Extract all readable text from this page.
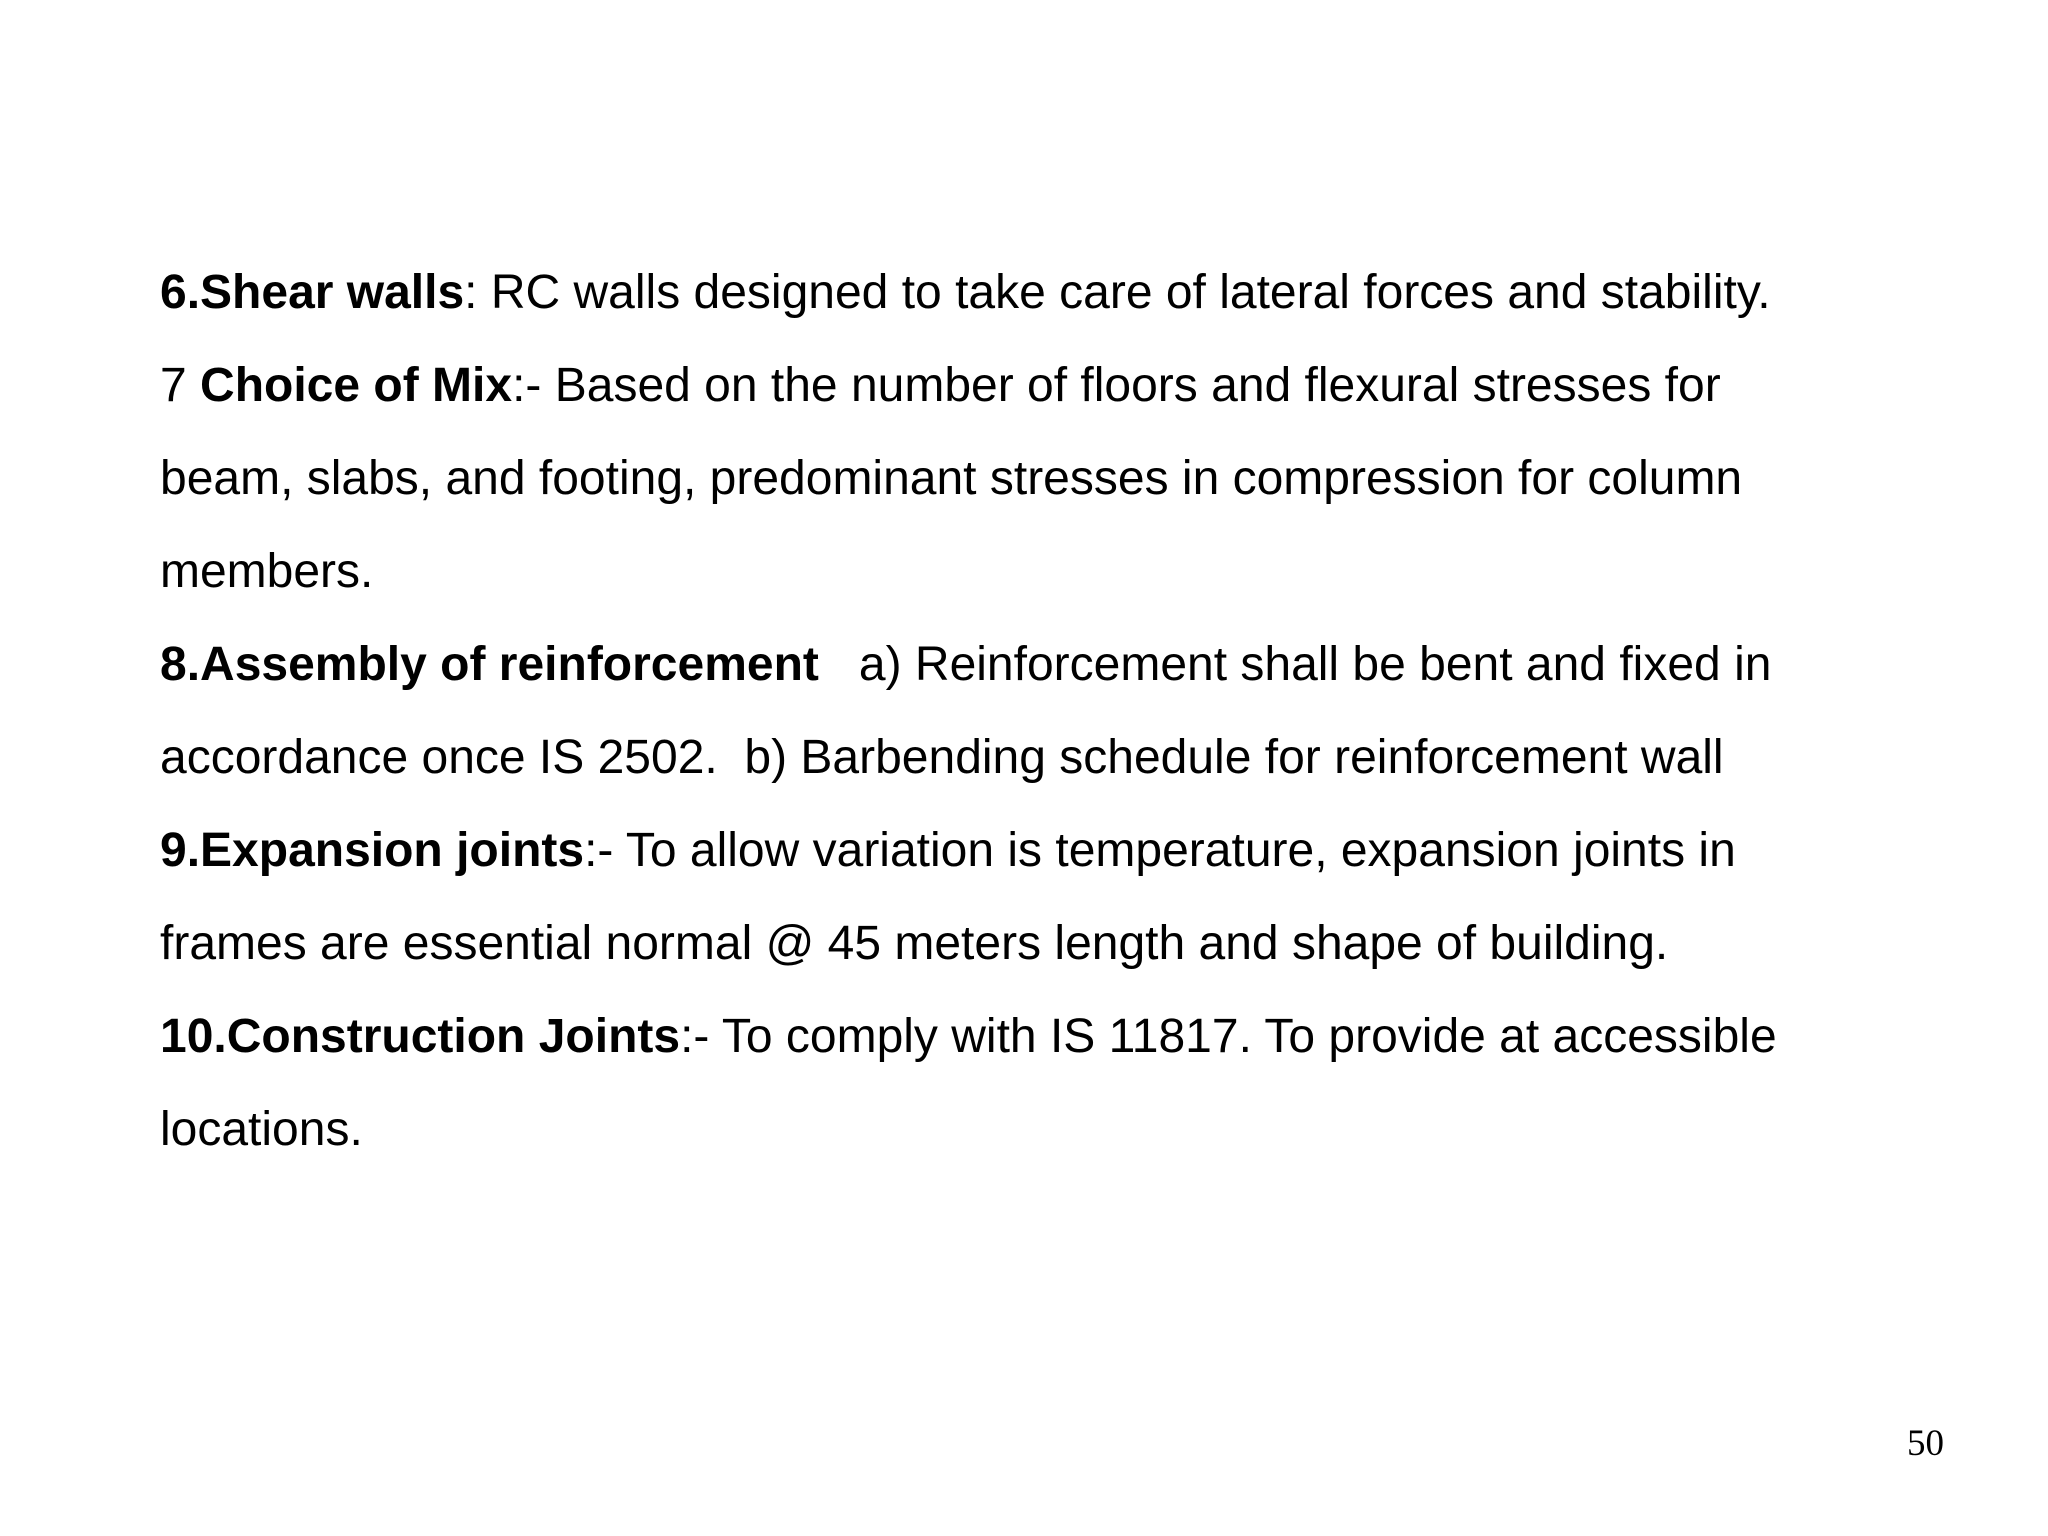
6.Shear walls: RC walls designed to take care of lateral forces and stability.

7 Choice of Mix:- Based on the number of floors and flexural stresses for
beam, slabs, and footing, predominant stresses in compression for column
members.

8.Assembly of reinforcement   a) Reinforcement shall be bent and fixed in
accordance once IS 2502.  b) Barbending schedule for reinforcement wall

9.Expansion joints:- To allow variation is temperature, expansion joints in
frames are essential normal @ 45 meters length and shape of building.

10.Construction Joints:- To comply with IS 11817. To provide at accessible
locations.

50
